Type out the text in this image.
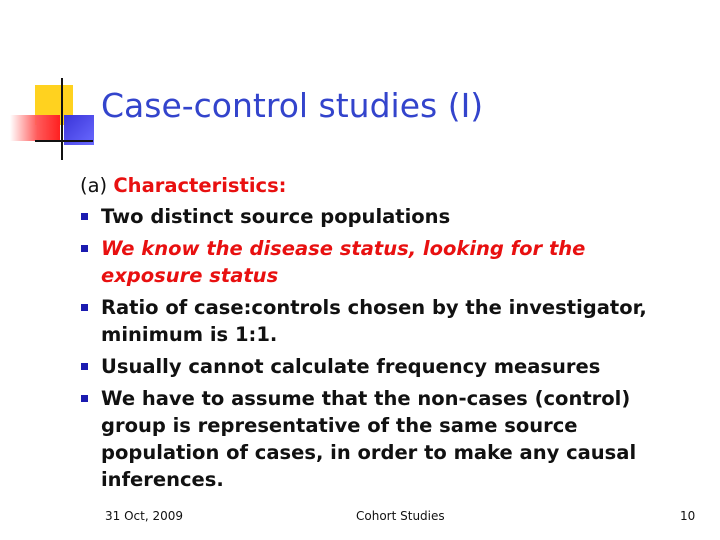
Case-control studies (I)

(a) Characteristics:

Two distinct source populations
We know the disease status, looking for the exposure status
Ratio of case:controls chosen by the investigator, minimum is 1:1.
Usually cannot calculate frequency measures
We have to assume that the non-cases (control) group is representative of the same source population of cases, in order to make any causal inferences.
31 Oct, 2009	Cohort Studies	10
